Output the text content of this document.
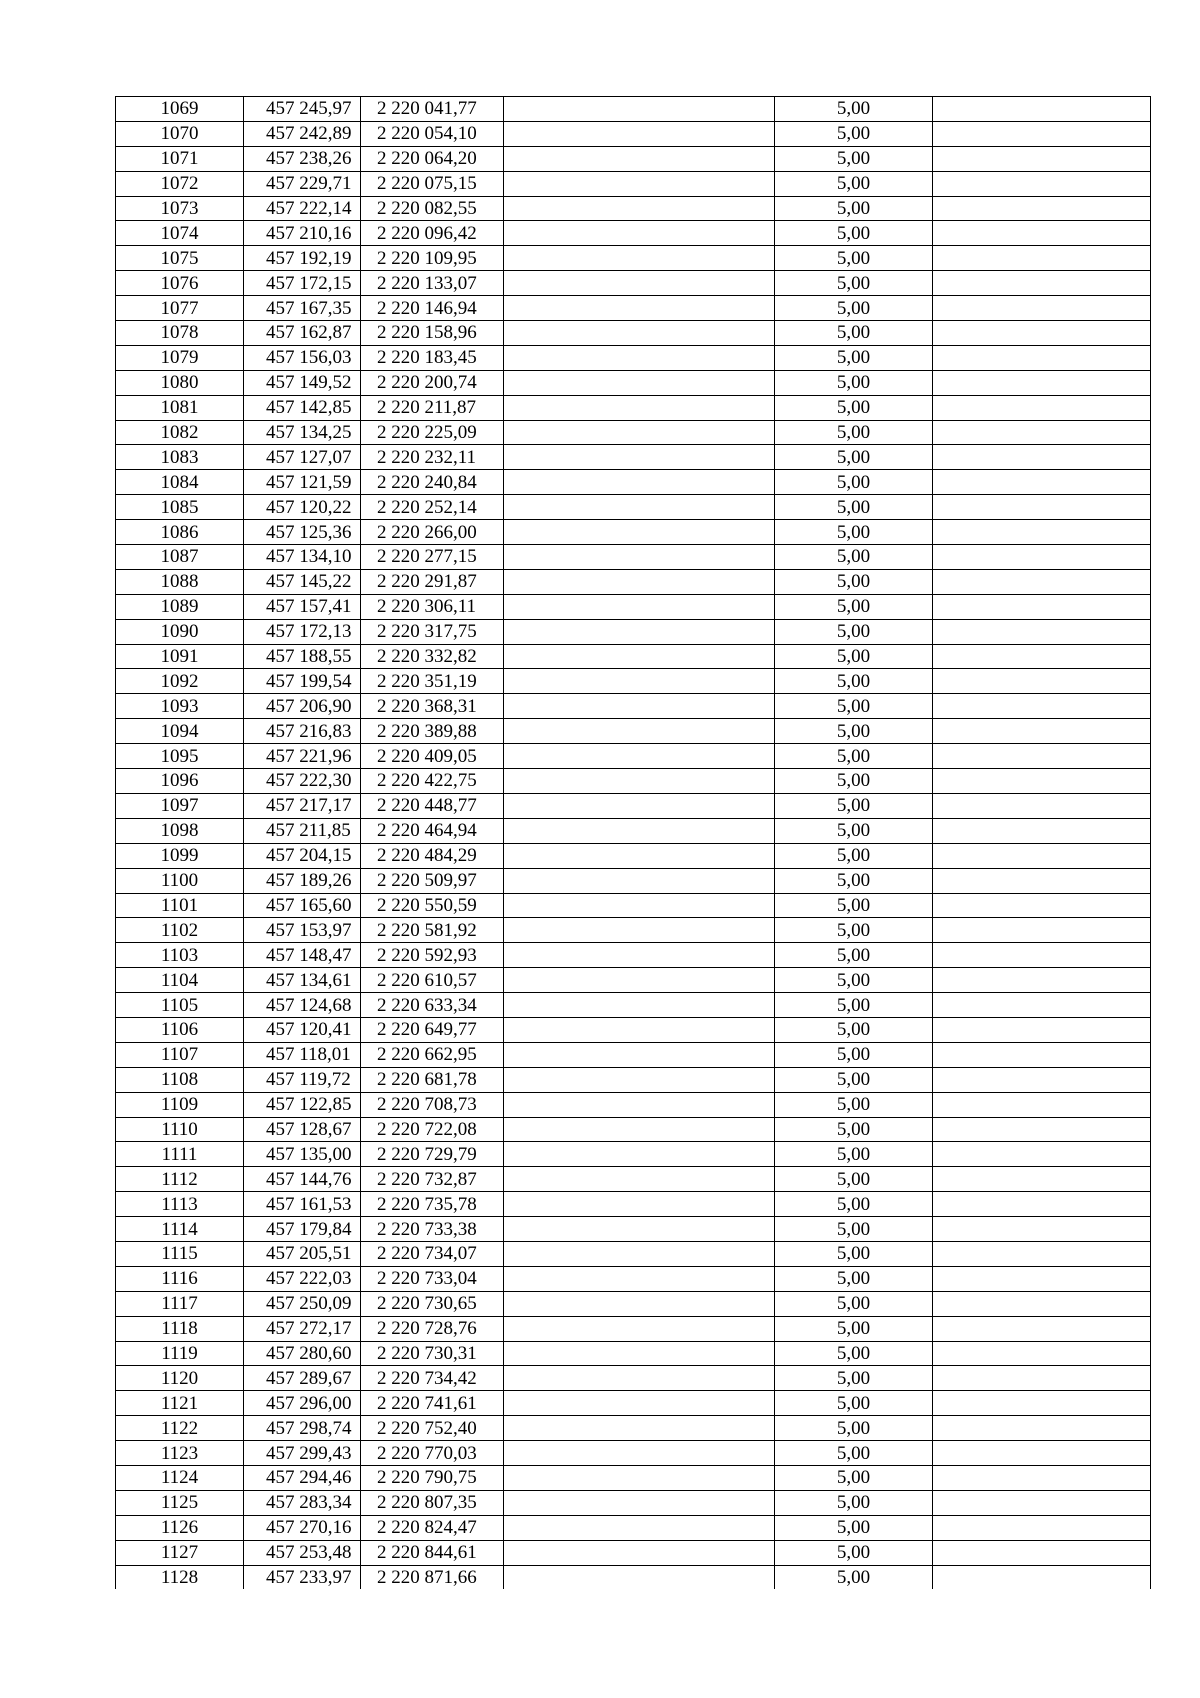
1069	457 245,97	2 220 041,77		5,00	
1070	457 242,89	2 220 054,10		5,00	
1071	457 238,26	2 220 064,20		5,00	
1072	457 229,71	2 220 075,15		5,00	
1073	457 222,14	2 220 082,55		5,00	
1074	457 210,16	2 220 096,42		5,00	
1075	457 192,19	2 220 109,95		5,00	
1076	457 172,15	2 220 133,07		5,00	
1077	457 167,35	2 220 146,94		5,00	
1078	457 162,87	2 220 158,96		5,00	
1079	457 156,03	2 220 183,45		5,00	
1080	457 149,52	2 220 200,74		5,00	
1081	457 142,85	2 220 211,87		5,00	
1082	457 134,25	2 220 225,09		5,00	
1083	457 127,07	2 220 232,11		5,00	
1084	457 121,59	2 220 240,84		5,00	
1085	457 120,22	2 220 252,14		5,00	
1086	457 125,36	2 220 266,00		5,00	
1087	457 134,10	2 220 277,15		5,00	
1088	457 145,22	2 220 291,87		5,00	
1089	457 157,41	2 220 306,11		5,00	
1090	457 172,13	2 220 317,75		5,00	
1091	457 188,55	2 220 332,82		5,00	
1092	457 199,54	2 220 351,19		5,00	
1093	457 206,90	2 220 368,31		5,00	
1094	457 216,83	2 220 389,88		5,00	
1095	457 221,96	2 220 409,05		5,00	
1096	457 222,30	2 220 422,75		5,00	
1097	457 217,17	2 220 448,77		5,00	
1098	457 211,85	2 220 464,94		5,00	
1099	457 204,15	2 220 484,29		5,00	
1100	457 189,26	2 220 509,97		5,00	
1101	457 165,60	2 220 550,59		5,00	
1102	457 153,97	2 220 581,92		5,00	
1103	457 148,47	2 220 592,93		5,00	
1104	457 134,61	2 220 610,57		5,00	
1105	457 124,68	2 220 633,34		5,00	
1106	457 120,41	2 220 649,77		5,00	
1107	457 118,01	2 220 662,95		5,00	
1108	457 119,72	2 220 681,78		5,00	
1109	457 122,85	2 220 708,73		5,00	
1110	457 128,67	2 220 722,08		5,00	
1111	457 135,00	2 220 729,79		5,00	
1112	457 144,76	2 220 732,87		5,00	
1113	457 161,53	2 220 735,78		5,00	
1114	457 179,84	2 220 733,38		5,00	
1115	457 205,51	2 220 734,07		5,00	
1116	457 222,03	2 220 733,04		5,00	
1117	457 250,09	2 220 730,65		5,00	
1118	457 272,17	2 220 728,76		5,00	
1119	457 280,60	2 220 730,31		5,00	
1120	457 289,67	2 220 734,42		5,00	
1121	457 296,00	2 220 741,61		5,00	
1122	457 298,74	2 220 752,40		5,00	
1123	457 299,43	2 220 770,03		5,00	
1124	457 294,46	2 220 790,75		5,00	
1125	457 283,34	2 220 807,35		5,00	
1126	457 270,16	2 220 824,47		5,00	
1127	457 253,48	2 220 844,61		5,00	
1128	457 233,97	2 220 871,66		5,00	
